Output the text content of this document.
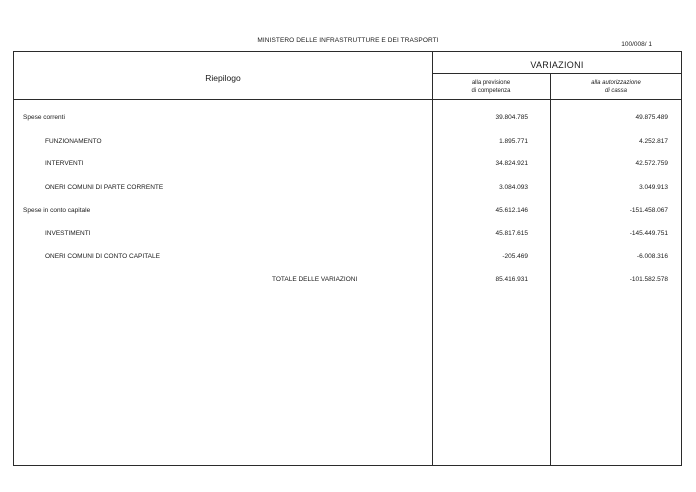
MINISTERO DELLE INFRASTRUTTURE E DEI TRASPORTI
100/008/ 1
Riepilogo
VARIAZIONI
alla previsione
di competenza
alla autorizzazione
di cassa
Spese correnti	39.804.785	49.875.489
FUNZIONAMENTO	1.895.771	4.252.817
INTERVENTI	34.824.921	42.572.759
ONERI COMUNI DI PARTE CORRENTE	3.084.093	3.049.913
Spese in conto capitale	45.612.146	-151.458.067
INVESTIMENTI	45.817.615	-145.449.751
ONERI COMUNI DI CONTO CAPITALE	-205.469	-6.008.316
TOTALE DELLE VARIAZIONI	85.416.931	-101.582.578
